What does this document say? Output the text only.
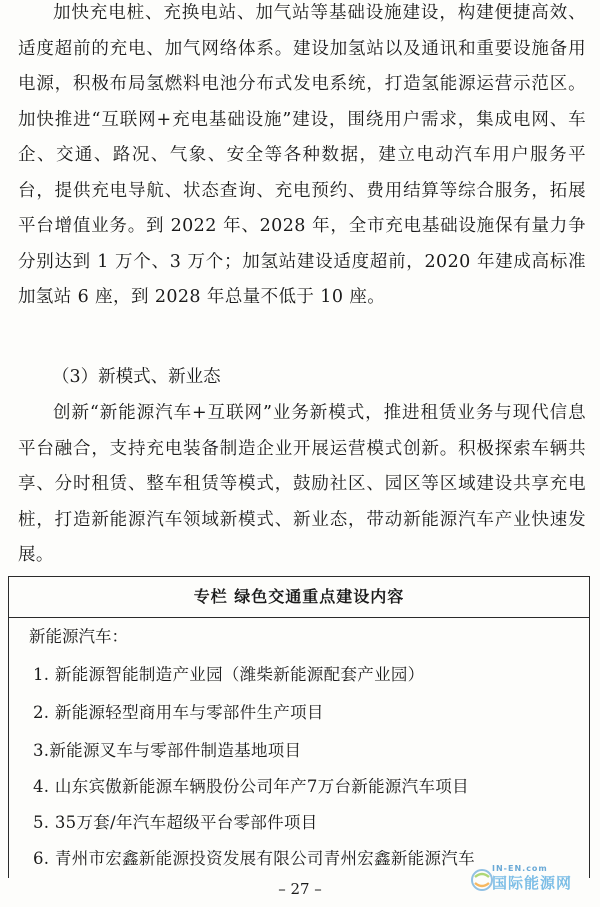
加快充电桩、充换电站、加气站等基础设施建设，构建便捷高效、适度超前的充电、加气网络体系。建设加氢站以及通讯和重要设施备用电源，积极布局氢燃料电池分布式发电系统，打造氢能源运营示范区。加快推进“互联网+充电基础设施”建设，围绕用户需求，集成电网、车企、交通、路况、气象、安全等各种数据，建立电动汽车用户服务平台，提供充电导航、状态查询、充电预约、费用结算等综合服务，拓展平台增值业务。到 2022 年、2028 年，全市充电基础设施保有量力争分别达到 1 万个、3 万个；加氢站建设适度超前，2020 年建成高标准加氢站 6 座，到 2028 年总量不低于 10 座。

（3）新模式、新业态

创新“新能源汽车+互联网”业务新模式，推进租赁业务与现代信息平台融合，支持充电装备制造企业开展运营模式创新。积极探索车辆共享、分时租赁、整车租赁等模式，鼓励社区、园区等区域建设共享充电桩，打造新能源汽车领域新模式、新业态，带动新能源汽车产业快速发展。

专栏 绿色交通重点建设内容
新能源汽车：
1. 新能源智能制造产业园（潍柴新能源配套产业园）
2. 新能源轻型商用车与零部件生产项目
3.新能源叉车与零部件制造基地项目
4. 山东宾傲新能源车辆股份公司年产7万台新能源汽车项目
5. 35万套/年汽车超级平台零部件项目
6. 青州市宏鑫新能源投资发展有限公司青州宏鑫新能源汽车
– 27 –
IN-EN.com
国际能源网
